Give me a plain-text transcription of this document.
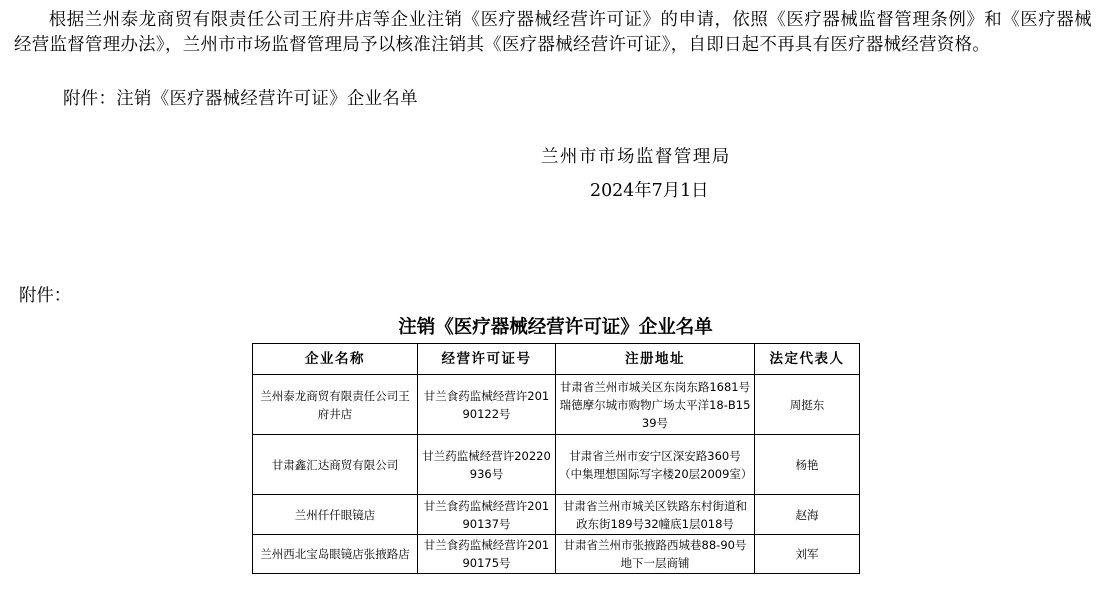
根据兰州泰龙商贸有限责任公司王府井店等企业注销《医疗器械经营许可证》的申请，依照《医疗器械监督管理条例》和《医疗器械经营监督管理办法》，兰州市市场监督管理局予以核准注销其《医疗器械经营许可证》，自即日起不再具有医疗器械经营资格。

附件：注销《医疗器械经营许可证》企业名单

兰州市市场监督管理局
2024年7月1日
附件：
注销《医疗器械经营许可证》企业名单
企业名称	经营许可证号	注册地址	法定代表人
兰州泰龙商贸有限责任公司王府井店	甘兰食药监械经营许20190122号	甘肃省兰州市城关区东岗东路1681号瑞德摩尔城市购物广场太平洋18-B1539号	周挺东
甘肃鑫汇达商贸有限公司	甘兰药监械经营许20220936号	甘肃省兰州市安宁区深安路360号（中集理想国际写字楼20层2009室）	杨艳
兰州仟仟眼镜店	甘兰食药监械经营许20190137号	甘肃省兰州市城关区铁路东村街道和政东街189号32幢底1层018号	赵海
兰州西北宝岛眼镜店张掖路店	甘兰食药监械经营许20190175号	甘肃省兰州市张掖路西城巷88-90号地下一层商铺	刘军
